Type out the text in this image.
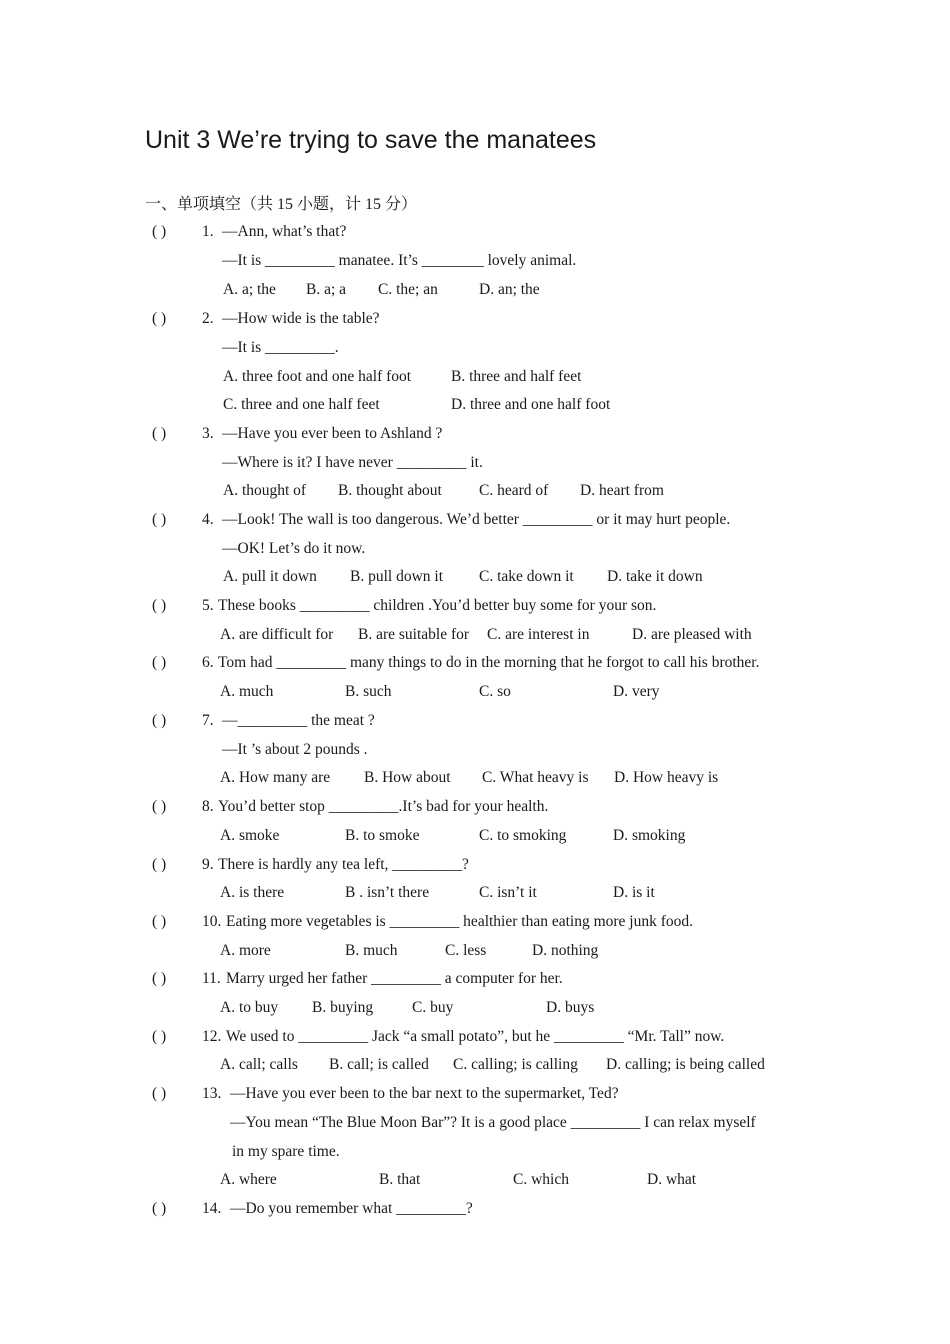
Unit 3 We’re trying to save the manatees
一、单项填空（共 15 小题，计 15 分）
( ) 1. —Ann, what’s that?
—It is _________ manatee. It’s ________ lovely animal.
A. a; the B. a; a C. the; an	D. an; the
( ) 2. —How wide is the table?
—It is _________.
A. three foot and one half foot	B. three and half feet
C. three and one half feet	D. three and one half foot
( ) 3. —Have you ever been to Ashland ?
—Where is it? I have never _________ it.
A. thought of B. thought about C. heard of D. heart from
( ) 4. —Look! The wall is too dangerous. We’d better _________ or it may hurt people.
—OK! Let’s do it now.
A. pull it down B. pull down it C. take down it D. take it down
( ) 5. These books _________ children .You’d better buy some for your son.
A. are difficult for B. are suitable for C. are interest in	D. are pleased with
( ) 6. Tom had _________ many things to do in the morning that he forgot to call his brother.
A. much	B. such	C. so	D. very
( ) 7. —_________ the meat ?
—It ’s about 2 pounds .
A. How many are B. How about C. What heavy is D. How heavy is
( ) 8. You’d better stop _________.It’s bad for your health.
A. smoke	B. to smoke	C. to smoking	D. smoking
( ) 9. There is hardly any tea left, _________?
A. is there	B . isn’t there	C. isn’t it	D. is it
( ) 10. Eating more vegetables is _________ healthier than eating more junk food.
A. more	B. much	C. less	D. nothing
( ) 11. Marry urged her father _________ a computer for her.
A. to buy B. buying	C. buy	D. buys
( ) 12. We used to _________ Jack “a small potato”, but he _________ “Mr. Tall” now.
A. call; calls B. call; is called C. calling; is calling D. calling; is being called
( ) 13. —Have you ever been to the bar next to the supermarket, Ted?
—You mean “The Blue Moon Bar”? It is a good place _________ I can relax myself
in my spare time.
A. where	B. that	C. which	D. what
( ) 14. —Do you remember what _________?
